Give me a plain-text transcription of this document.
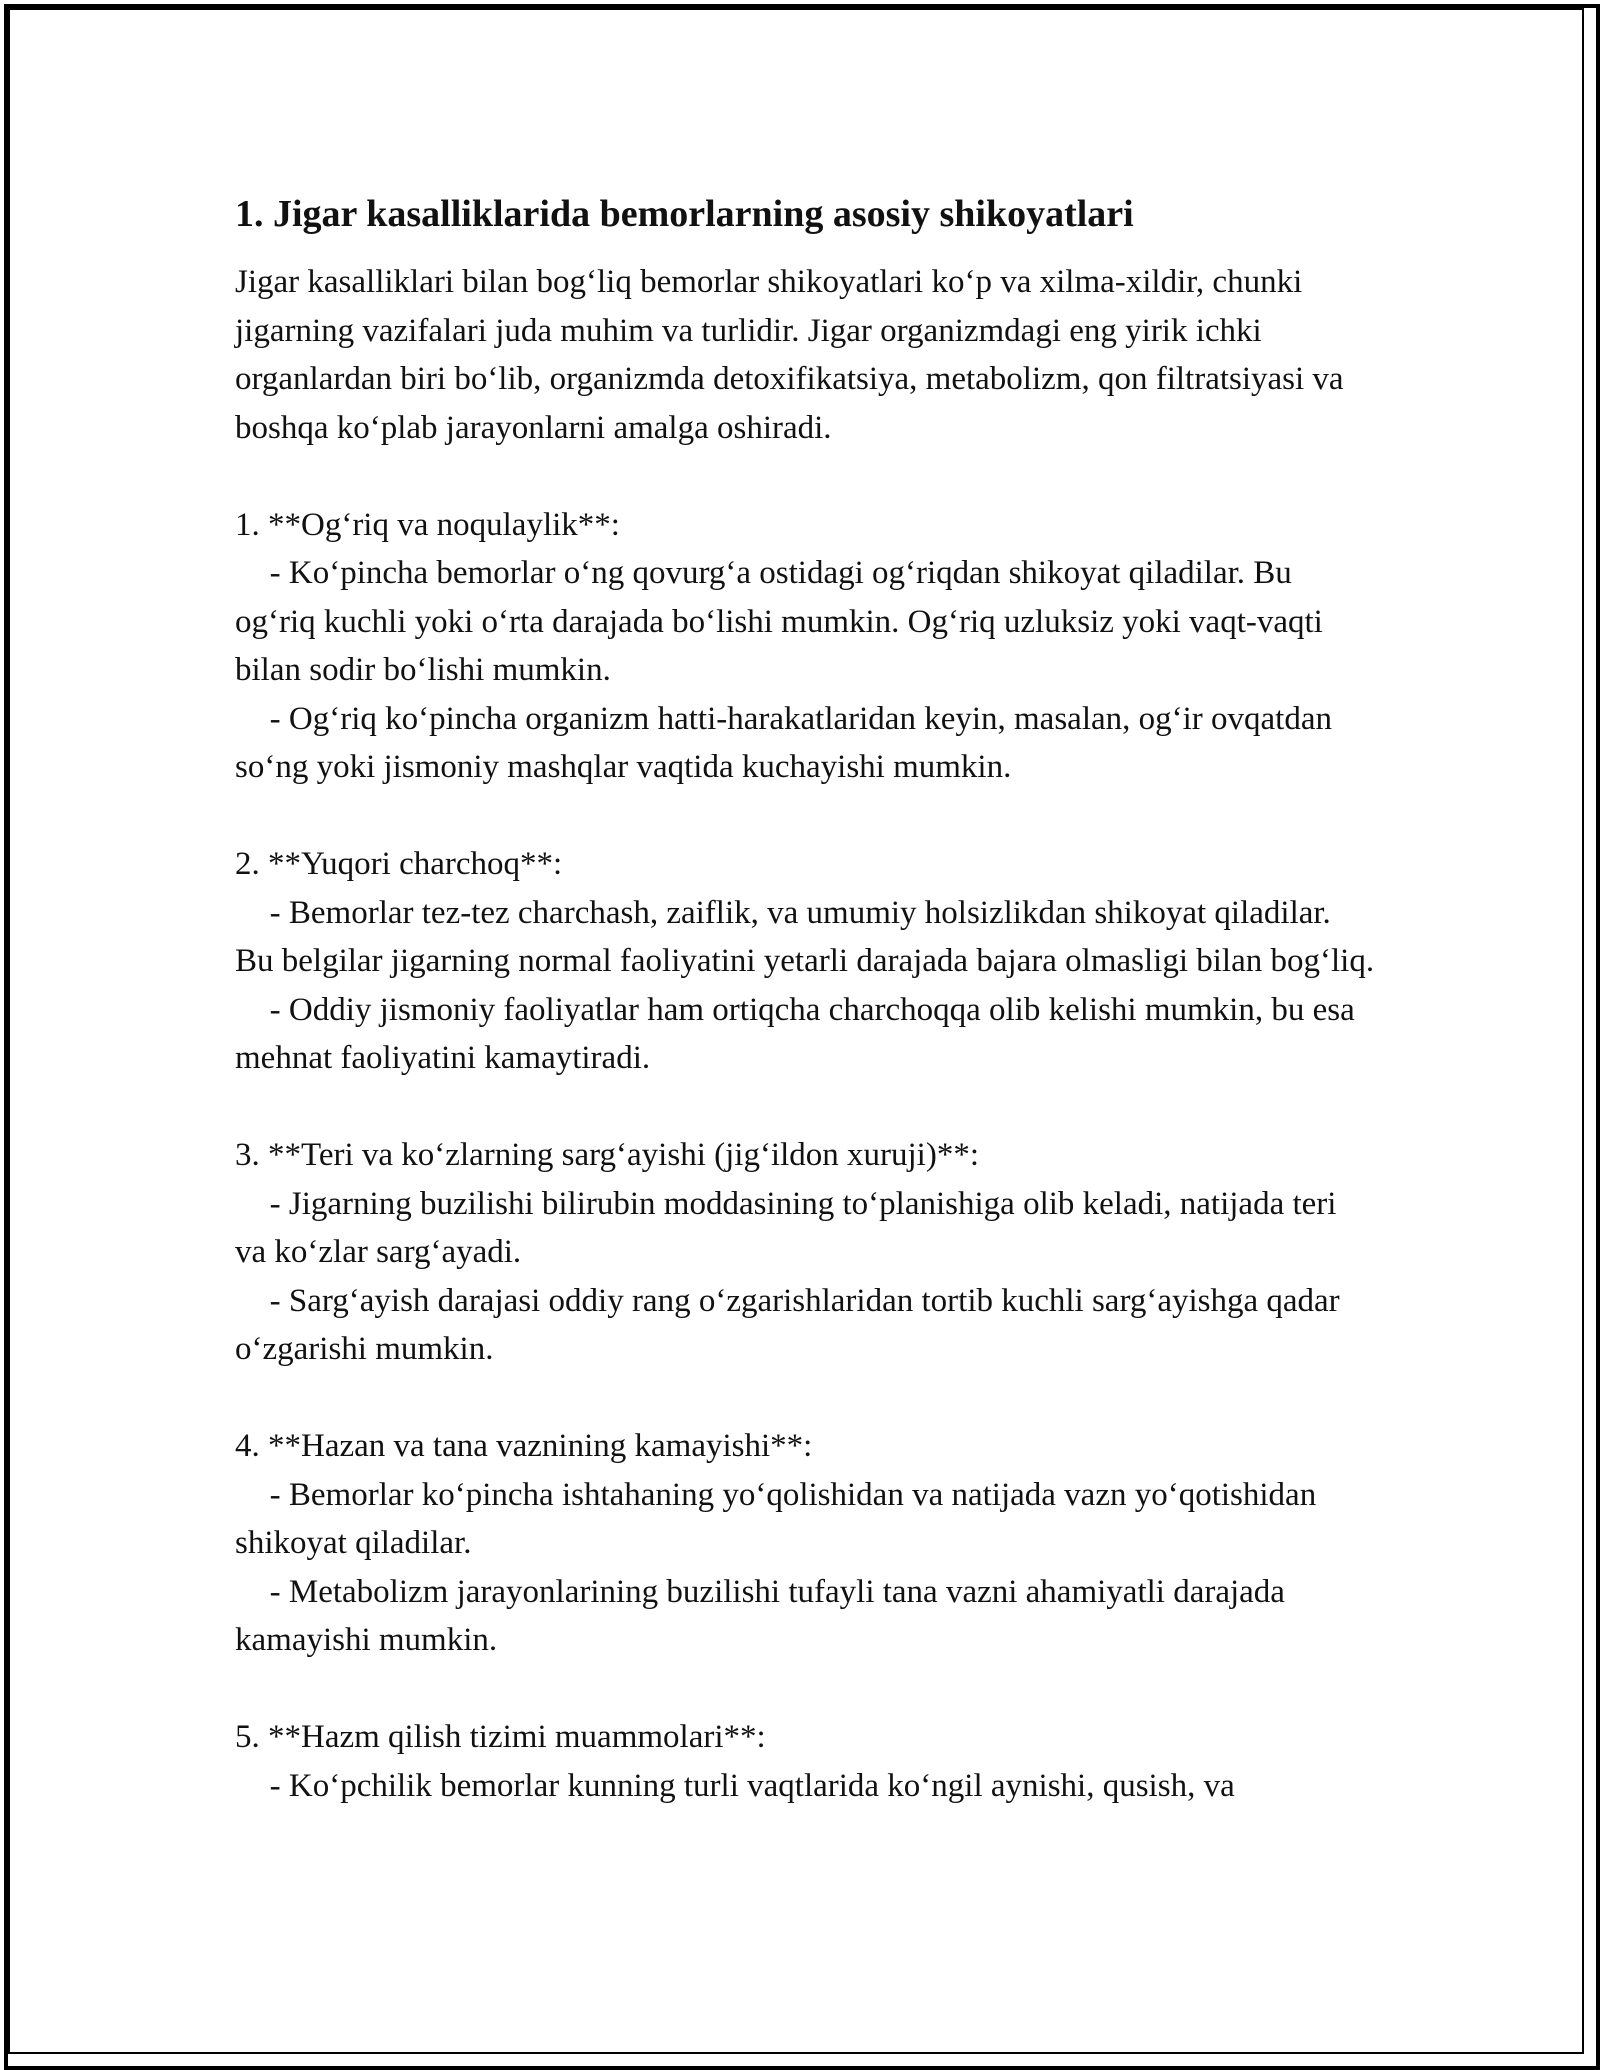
1. Jigar kasalliklarida bemorlarning asosiy shikoyatlari

Jigar kasalliklari bilan bog‘liq bemorlar shikoyatlari ko‘p va xilma-xildir, chunki jigarning vazifalari juda muhim va turlidir. Jigar organizmdagi eng yirik ichki organlardan biri bo‘lib, organizmda detoxifikatsiya, metabolizm, qon filtratsiyasi va boshqa ko‘plab jarayonlarni amalga oshiradi.

1. **Og‘riq va noqulaylik**:
- Ko‘pincha bemorlar o‘ng qovurg‘a ostidagi og‘riqdan shikoyat qiladilar. Bu og‘riq kuchli yoki o‘rta darajada bo‘lishi mumkin. Og‘riq uzluksiz yoki vaqt-vaqti bilan sodir bo‘lishi mumkin.
- Og‘riq ko‘pincha organizm hatti-harakatlaridan keyin, masalan, og‘ir ovqatdan so‘ng yoki jismoniy mashqlar vaqtida kuchayishi mumkin.
2. **Yuqori charchoq**:
- Bemorlar tez-tez charchash, zaiflik, va umumiy holsizlikdan shikoyat qiladilar. Bu belgilar jigarning normal faoliyatini yetarli darajada bajara olmasligi bilan bog‘liq.
- Oddiy jismoniy faoliyatlar ham ortiqcha charchoqqa olib kelishi mumkin, bu esa mehnat faoliyatini kamaytiradi.
3. **Teri va ko‘zlarning sarg‘ayishi (jig‘ildon xuruji)**:
- Jigarning buzilishi bilirubin moddasining to‘planishiga olib keladi, natijada teri va ko‘zlar sarg‘ayadi.
- Sarg‘ayish darajasi oddiy rang o‘zgarishlaridan tortib kuchli sarg‘ayishga qadar o‘zgarishi mumkin.
4. **Hazan va tana vaznining kamayishi**:
- Bemorlar ko‘pincha ishtahaning yo‘qolishidan va natijada vazn yo‘qotishidan shikoyat qiladilar.
- Metabolizm jarayonlarining buzilishi tufayli tana vazni ahamiyatli darajada kamayishi mumkin.
5. **Hazm qilish tizimi muammolari**:
- Ko‘pchilik bemorlar kunning turli vaqtlarida ko‘ngil aynishi, qusish, va
